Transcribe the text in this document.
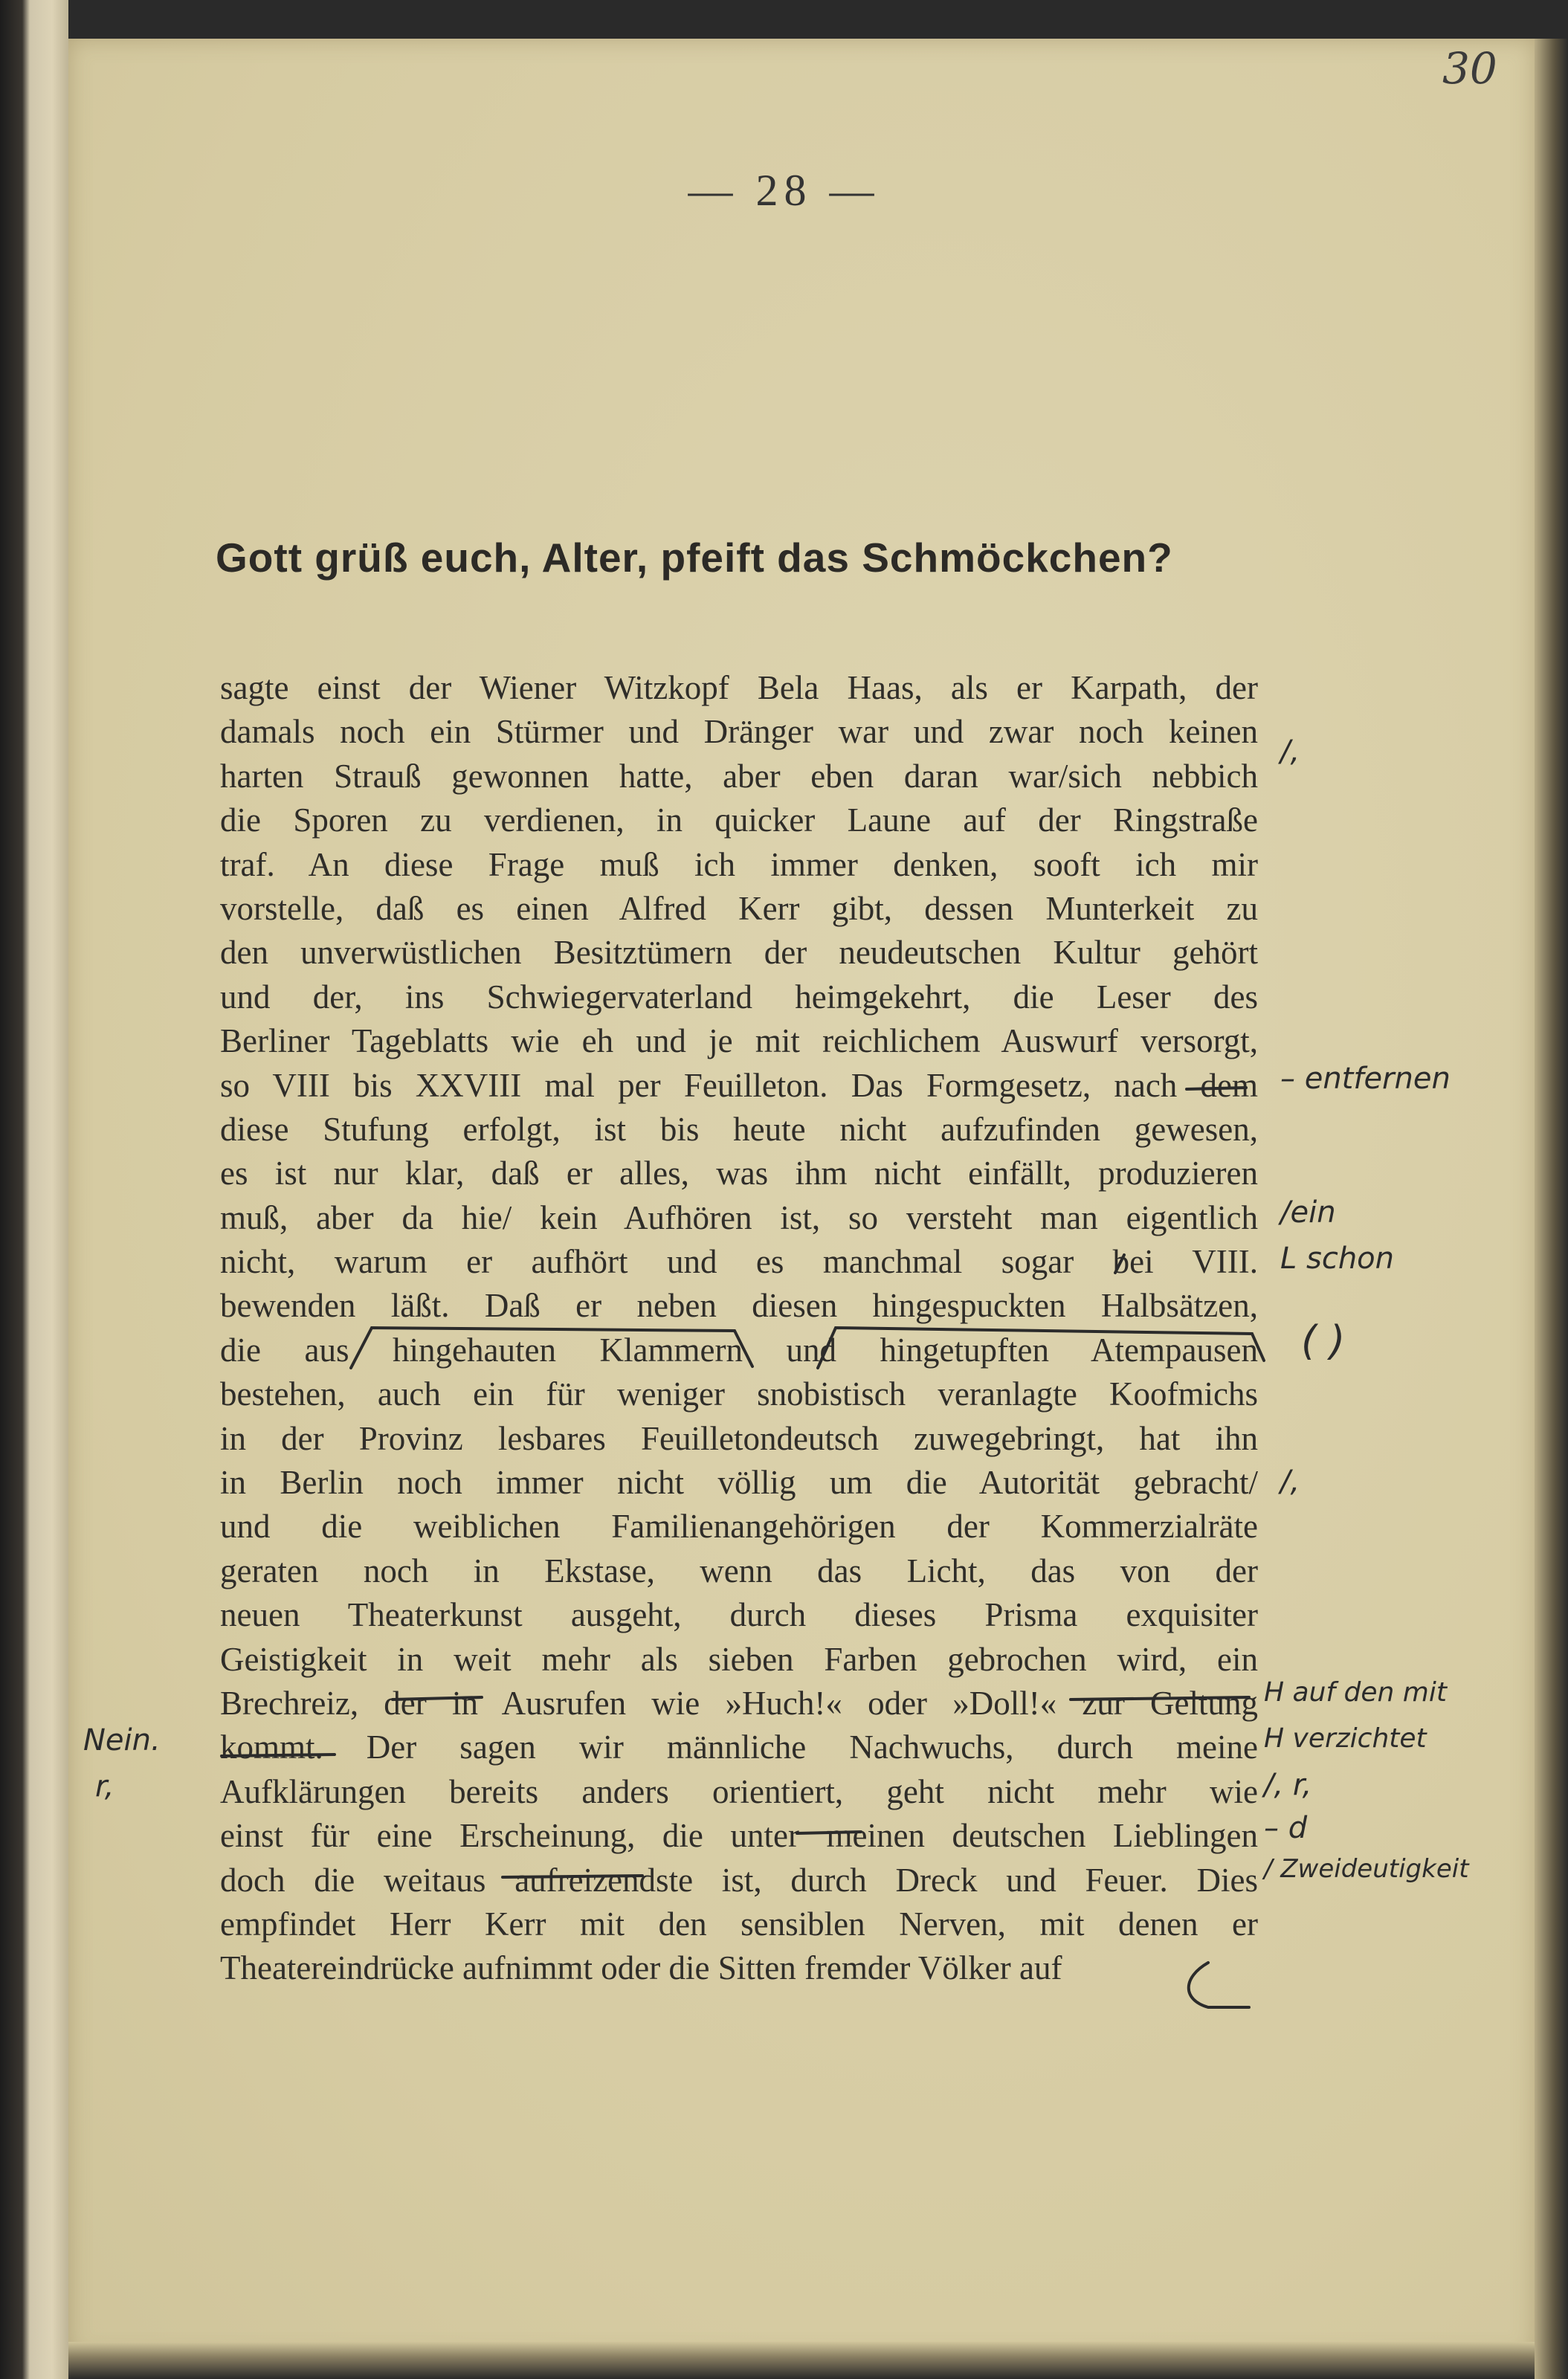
30
— 28 —
Gott grüß euch, Alter, pfeift das Schmöckchen?
sagte einst der Wiener Witzkopf Bela Haas, als er Karpath, der
damals noch ein Stürmer und Dränger war und zwar noch keinen
harten Strauß gewonnen hatte, aber eben daran war/sich nebbich
die Sporen zu verdienen, in quicker Laune auf der Ringstraße
traf. An diese Frage muß ich immer denken, sooft ich mir
vorstelle, daß es einen Alfred Kerr gibt, dessen Munterkeit zu
den unverwüstlichen Besitztümern der neudeutschen Kultur gehört
und der, ins Schwiegervaterland heimgekehrt, die Leser des
Berliner Tageblatts wie eh und je mit reichlichem Auswurf versorgt,
so VIII bis XXVIII mal per Feuilleton. Das Formgesetz, nach dem
diese Stufung erfolgt, ist bis heute nicht aufzufinden gewesen,
es ist nur klar, daß er alles, was ihm nicht einfällt, produzieren
muß, aber da hie/ kein Aufhören ist, so versteht man eigentlich
nicht, warum er aufhört und es manchmal sogar bei VIII.
bewenden läßt. Daß er neben diesen hingespuckten Halbsätzen,
die aus hingehauten Klammern und hingetupften Atempausen
bestehen, auch ein für weniger snobistisch veranlagte Koofmichs
in der Provinz lesbares Feuilletondeutsch zuwegebringt, hat ihn
in Berlin noch immer nicht völlig um die Autorität gebracht/
und die weiblichen Familienangehörigen der Kommerzialräte
geraten noch in Ekstase, wenn das Licht, das von der
neuen Theaterkunst ausgeht, durch dieses Prisma exquisiter
Geistigkeit in weit mehr als sieben Farben gebrochen wird, ein
Brechreiz, der in Ausrufen wie »Huch!« oder »Doll!« zur Geltung
kommt. Der sagen wir männliche Nachwuchs, durch meine
Aufklärungen bereits anders orientiert, geht nicht mehr wie
einst für eine Erscheinung, die unter meinen deutschen Lieblingen
doch die weitaus aufreizendste ist, durch Dreck und Feuer. Dies
empfindet Herr Kerr mit den sensiblen Nerven, mit denen er
Theatereindrücke aufnimmt oder die Sitten fremder Völker auf
/,
– entfernen
/ein
L schon
( )
/,
H auf den mit
H verzichtet
/, r,
– d
/ Zweideutigkeit
Nein.
r,
